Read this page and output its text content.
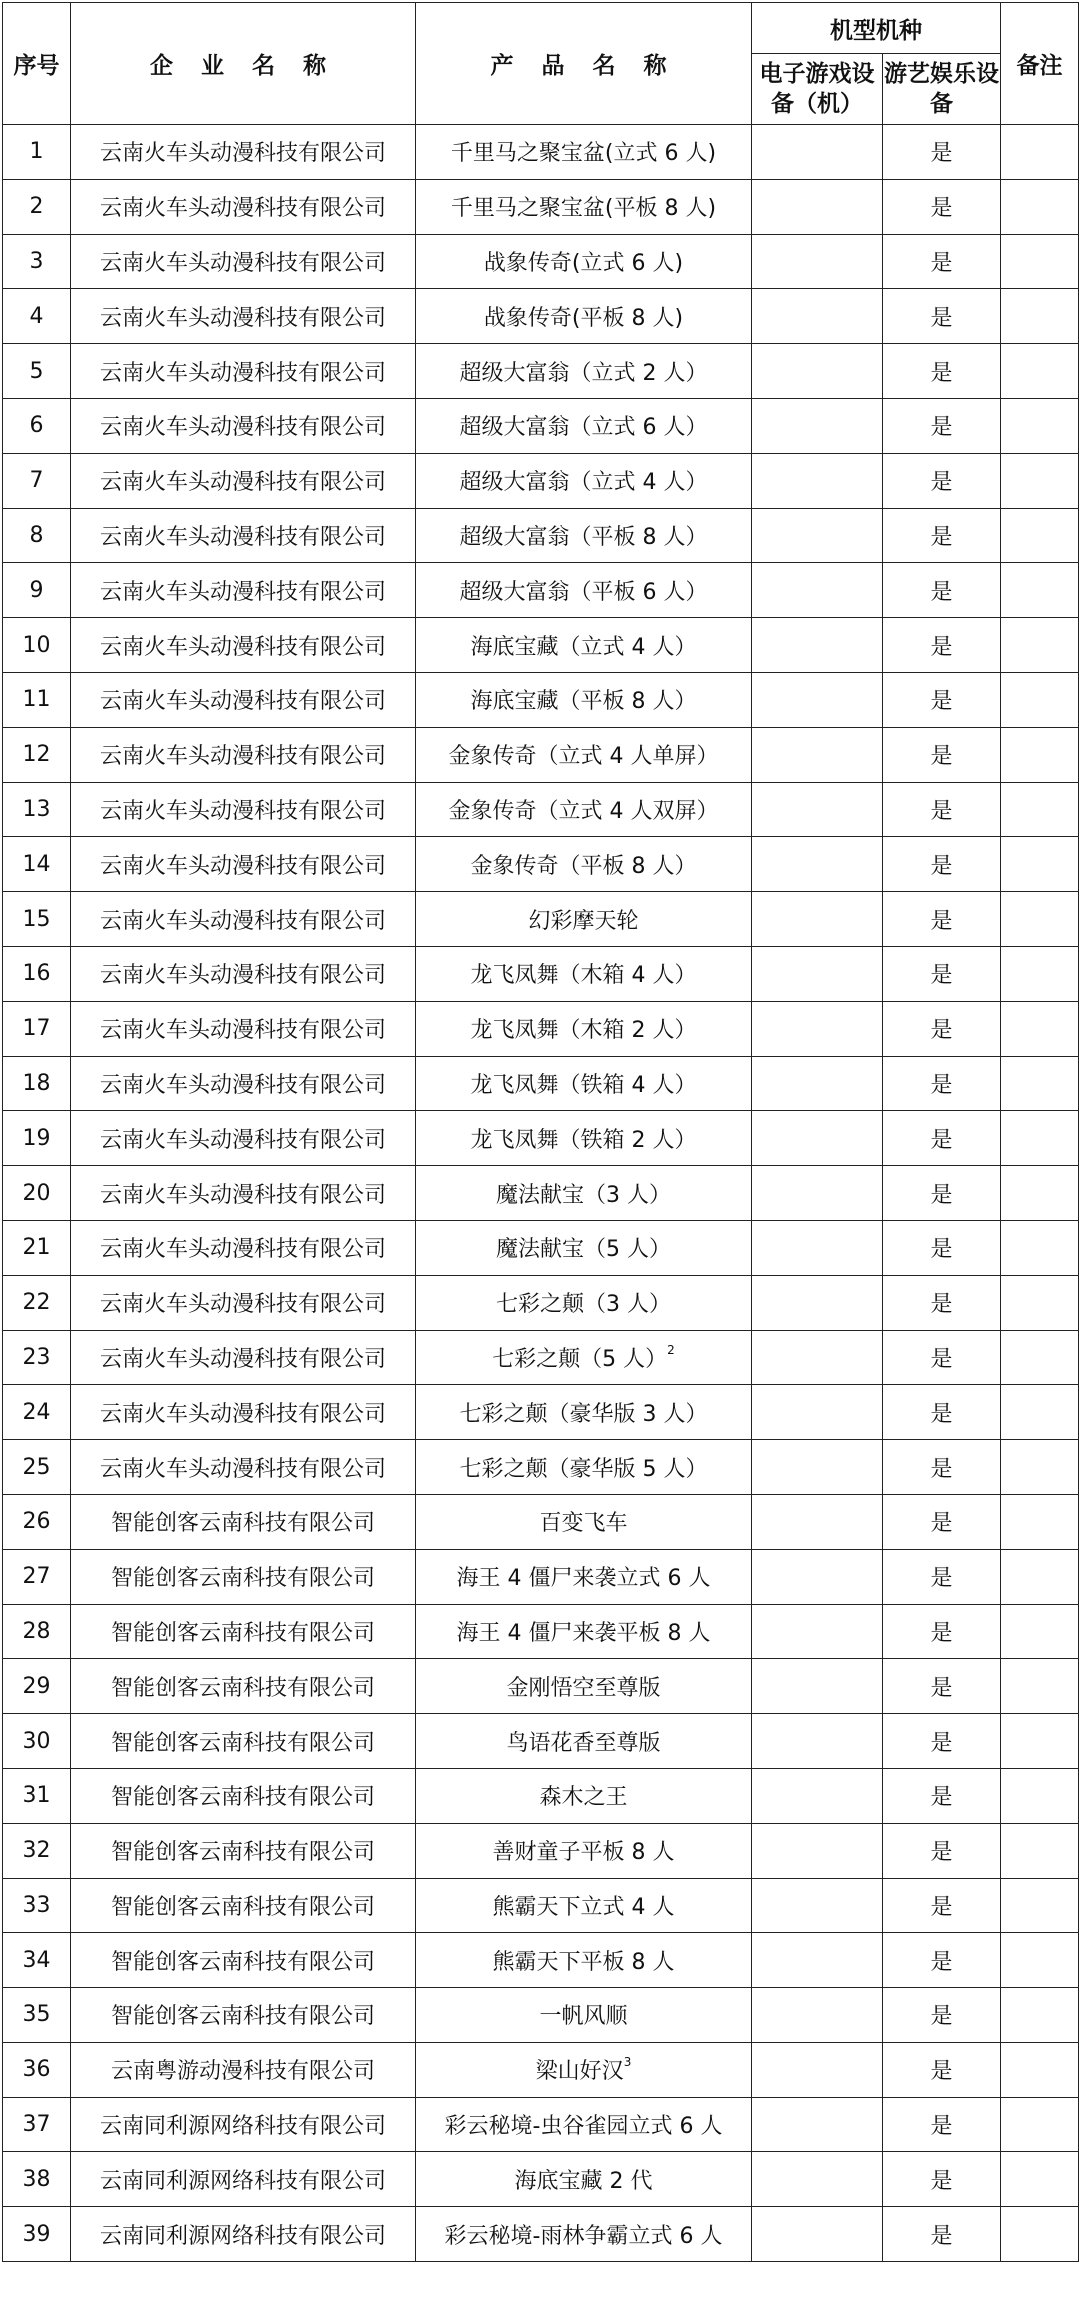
序号	企 业 名 称	产 品 名 称	机型机种		备注
			电子游戏设备（机）	游艺娱乐设备	
1	云南火车头动漫科技有限公司	千里马之聚宝盆(立式 6 人)		是	
2	云南火车头动漫科技有限公司	千里马之聚宝盆(平板 8 人)		是	
3	云南火车头动漫科技有限公司	战象传奇(立式 6 人)		是	
4	云南火车头动漫科技有限公司	战象传奇(平板 8 人)		是	
5	云南火车头动漫科技有限公司	超级大富翁（立式 2 人）		是	
6	云南火车头动漫科技有限公司	超级大富翁（立式 6 人）		是	
7	云南火车头动漫科技有限公司	超级大富翁（立式 4 人）		是	
8	云南火车头动漫科技有限公司	超级大富翁（平板 8 人）		是	
9	云南火车头动漫科技有限公司	超级大富翁（平板 6 人）		是	
10	云南火车头动漫科技有限公司	海底宝藏（立式 4 人）		是	
11	云南火车头动漫科技有限公司	海底宝藏（平板 8 人）		是	
12	云南火车头动漫科技有限公司	金象传奇（立式 4 人单屏）		是	
13	云南火车头动漫科技有限公司	金象传奇（立式 4 人双屏）		是	
14	云南火车头动漫科技有限公司	金象传奇（平板 8 人）		是	
15	云南火车头动漫科技有限公司	幻彩摩天轮		是	
16	云南火车头动漫科技有限公司	龙飞凤舞（木箱 4 人）		是	
17	云南火车头动漫科技有限公司	龙飞凤舞（木箱 2 人）		是	
18	云南火车头动漫科技有限公司	龙飞凤舞（铁箱 4 人）		是	
19	云南火车头动漫科技有限公司	龙飞凤舞（铁箱 2 人）		是	
20	云南火车头动漫科技有限公司	魔法献宝（3 人）		是	
21	云南火车头动漫科技有限公司	魔法献宝（5 人）		是	
22	云南火车头动漫科技有限公司	七彩之颠（3 人）		是	
23	云南火车头动漫科技有限公司	七彩之颠（5 人）$^2$		是	
24	云南火车头动漫科技有限公司	七彩之颠（豪华版 3 人）		是	
25	云南火车头动漫科技有限公司	七彩之颠（豪华版 5 人）		是	
26	智能创客云南科技有限公司	百变飞车		是	
27	智能创客云南科技有限公司	海王 4 僵尸来袭立式 6 人		是	
28	智能创客云南科技有限公司	海王 4 僵尸来袭平板 8 人		是	
29	智能创客云南科技有限公司	金刚悟空至尊版		是	
30	智能创客云南科技有限公司	鸟语花香至尊版		是	
31	智能创客云南科技有限公司	森木之王		是	
32	智能创客云南科技有限公司	善财童子平板 8 人		是	
33	智能创客云南科技有限公司	熊霸天下立式 4 人		是	
34	智能创客云南科技有限公司	熊霸天下平板 8 人		是	
35	智能创客云南科技有限公司	一帆风顺		是	
36	云南粤游动漫科技有限公司	梁山好汉$^3$		是	
37	云南同利源网络科技有限公司	彩云秘境-虫谷雀园立式 6 人		是	
38	云南同利源网络科技有限公司	海底宝藏 2 代		是	
39	云南同利源网络科技有限公司	彩云秘境-雨林争霸立式 6 人		是	
